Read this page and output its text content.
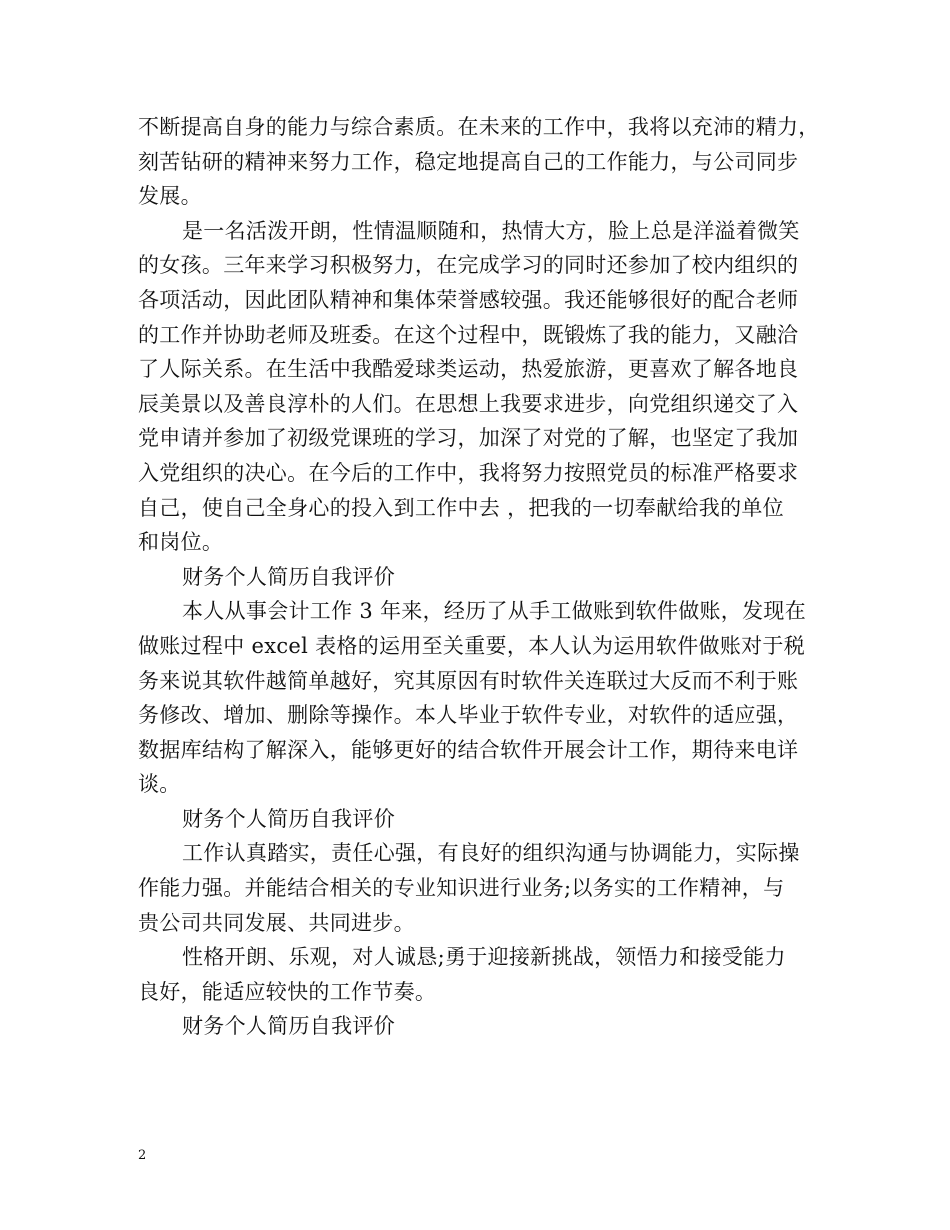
不断提高自身的能力与综合素质。在未来的工作中，我将以充沛的精力，
刻苦钻研的精神来努力工作，稳定地提高自己的工作能力，与公司同步
发展。
是一名活泼开朗，性情温顺随和，热情大方，脸上总是洋溢着微笑
的女孩。三年来学习积极努力，在完成学习的同时还参加了校内组织的
各项活动，因此团队精神和集体荣誉感较强。我还能够很好的配合老师
的工作并协助老师及班委。在这个过程中，既锻炼了我的能力，又融洽
了人际关系。在生活中我酷爱球类运动，热爱旅游，更喜欢了解各地良
辰美景以及善良淳朴的人们。在思想上我要求进步，向党组织递交了入
党申请并参加了初级党课班的学习，加深了对党的了解，也坚定了我加
入党组织的决心。在今后的工作中，我将努力按照党员的标准严格要求
自己，使自己全身心的投入到工作中去 ，把我的一切奉献给我的单位
和岗位。
财务个人简历自我评价
本人从事会计工作 3 年来，经历了从手工做账到软件做账，发现在
做账过程中 excel 表格的运用至关重要，本人认为运用软件做账对于税
务来说其软件越简单越好，究其原因有时软件关连联过大反而不利于账
务修改、增加、删除等操作。本人毕业于软件专业，对软件的适应强，
数据库结构了解深入，能够更好的结合软件开展会计工作，期待来电详
谈。
财务个人简历自我评价
工作认真踏实，责任心强，有良好的组织沟通与协调能力，实际操
作能力强。并能结合相关的专业知识进行业务;以务实的工作精神，与
贵公司共同发展、共同进步。
性格开朗、乐观，对人诚恳;勇于迎接新挑战，领悟力和接受能力
良好，能适应较快的工作节奏。
财务个人简历自我评价
2
